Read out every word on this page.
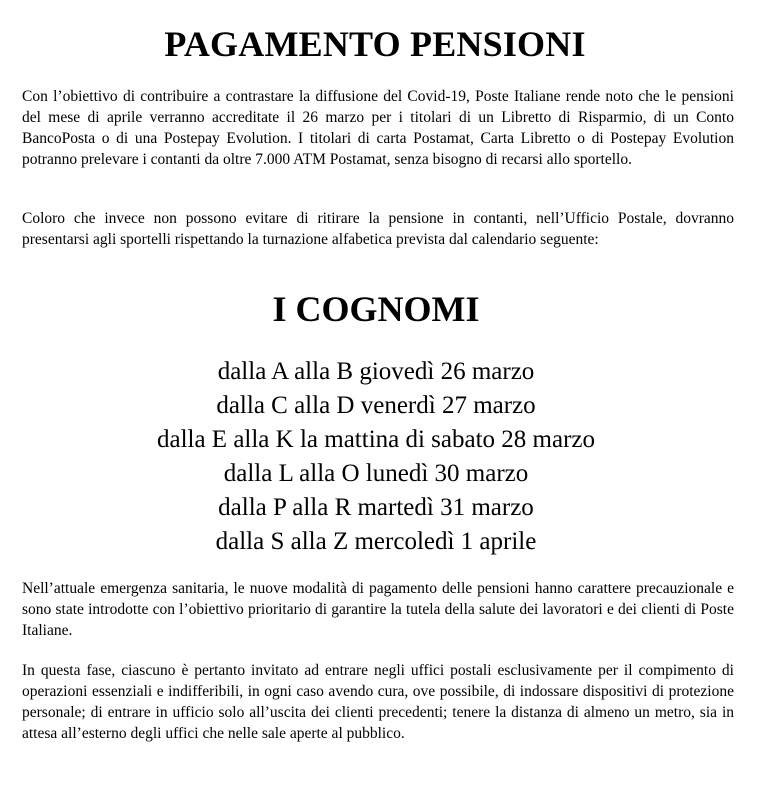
PAGAMENTO PENSIONI

Con l’obiettivo di contribuire a contrastare la diffusione del Covid-19, Poste Italiane rende noto che le pensioni del mese di aprile verranno accreditate il 26 marzo per i titolari di un Libretto di Risparmio, di un Conto BancoPosta o di una Postepay Evolution. I titolari di carta Postamat, Carta Libretto o di Postepay Evolution potranno prelevare i contanti da oltre 7.000 ATM Postamat, senza bisogno di recarsi allo sportello.

Coloro che invece non possono evitare di ritirare la pensione in contanti, nell’Ufficio Postale, dovranno presentarsi agli sportelli rispettando la turnazione alfabetica prevista dal calendario seguente:

I COGNOMI
dalla A alla B giovedì 26 marzo
dalla C alla D venerdì 27 marzo
dalla E alla K la mattina di sabato 28 marzo
dalla L alla O lunedì 30 marzo
dalla P alla R martedì 31 marzo
dalla S alla Z mercoledì 1 aprile

Nell’attuale emergenza sanitaria, le nuove modalità di pagamento delle pensioni hanno carattere precauzionale e sono state introdotte con l’obiettivo prioritario di garantire la tutela della salute dei lavoratori e dei clienti di Poste Italiane.

In questa fase, ciascuno è pertanto invitato ad entrare negli uffici postali esclusivamente per il compimento di operazioni essenziali e indifferibili, in ogni caso avendo cura, ove possibile, di indossare dispositivi di protezione personale; di entrare in ufficio solo all’uscita dei clienti precedenti; tenere la distanza di almeno un metro, sia in attesa all’esterno degli uffici che nelle sale aperte al pubblico.
